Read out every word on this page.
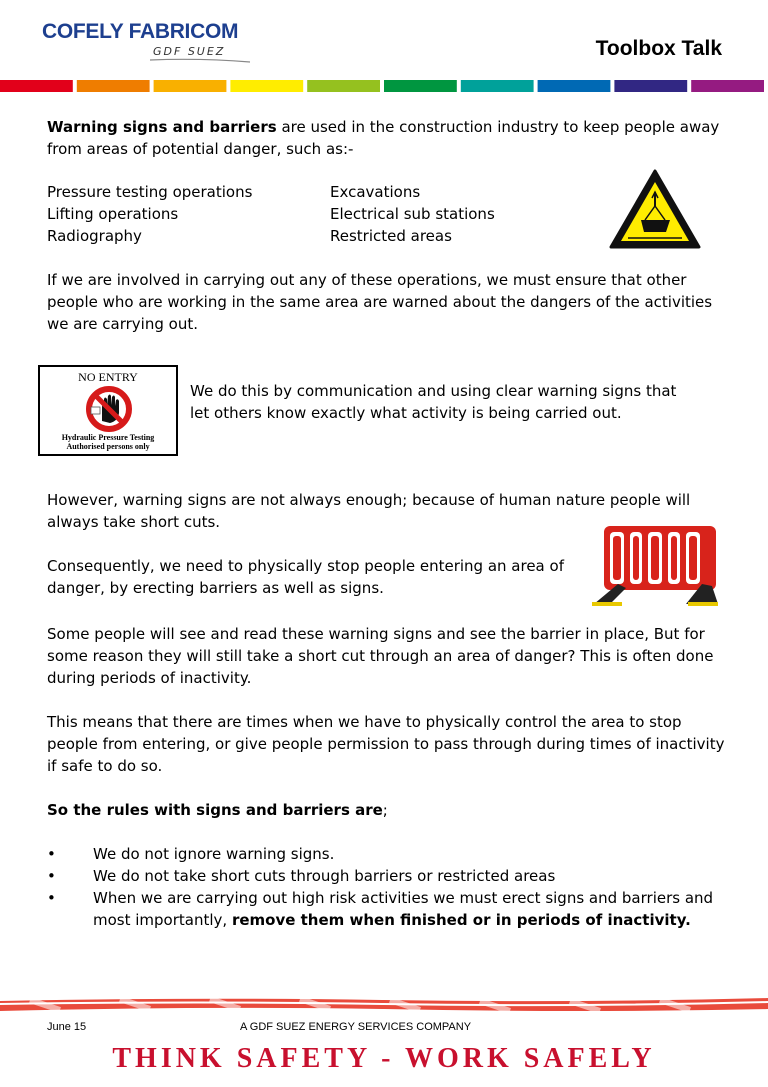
COFELY FABRICOM
GDF SUEZ	Toolbox Talk
Warning signs and barriers are used in the construction industry to keep people away from areas of potential danger, such as:-
Pressure testing operations
Lifting operations
Radiography
Excavations
Electrical sub stations
Restricted areas
If we are involved in carrying out any of these operations, we must ensure that other people who are working in the same area are warned about the dangers of the activities we are carrying out.
NO ENTRY
Hydraulic Pressure Testing
Authorised persons only
We do this by communication and using clear warning signs that let others know exactly what activity is being carried out.
However, warning signs are not always enough; because of human nature people will always take short cuts.
Consequently, we need to physically stop people entering an area of danger, by erecting barriers as well as signs.
Some people will see and read these warning signs and see the barrier in place, But for some reason they will still take a short cut through an area of danger? This is often done during periods of inactivity.
This means that there are times when we have to physically control the area to stop people from entering, or give people permission to pass through during times of inactivity if safe to do so.
So the rules with signs and barriers are;
• We do not ignore warning signs.
• We do not take short cuts through barriers or restricted areas
• When we are carrying out high risk activities we must erect signs and barriers and most importantly, remove them when finished or in periods of inactivity.
June 15	A GDF SUEZ ENERGY SERVICES COMPANY
THINK SAFETY - WORK SAFELY
